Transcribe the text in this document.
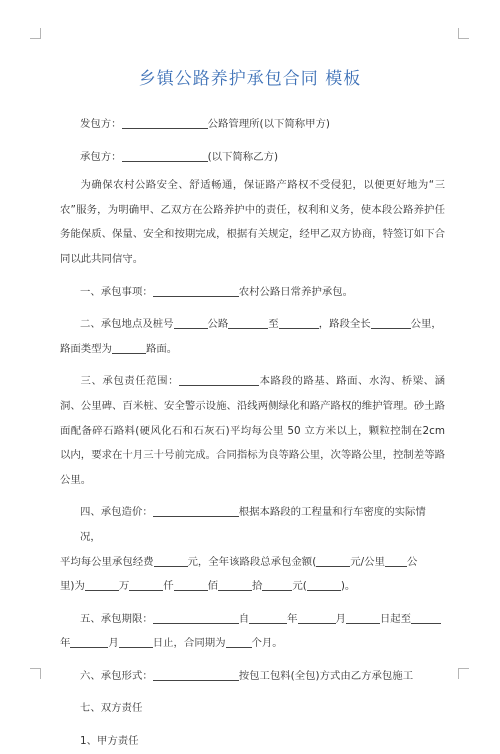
乡镇公路养护承包合同 模板

发包方：	公路管理所(以下简称甲方)

承包方：	(以下简称乙方)

为确保农村公路安全、舒适畅通，保证路产路权不受侵犯，以便更好地为“三农”服务，为明确甲、乙双方在公路养护中的责任，权利和义务，使本段公路养护任务能保质、保量、安全和按期完成，根据有关规定，经甲乙双方协商，特签订如下合同以此共同信守。

一、承包事项：	农村公路日常养护承包。

二、承包地点及桩号	公路	至	，路段全长	公里，

路面类型为	路面。

三、承包责任范围：	本路段的路基、路面、水沟、桥梁、涵洞、公里碑、百米桩、安全警示设施、沿线两侧绿化和路产路权的维护管理。砂土路面配备碎石路料(硬风化石和石灰石)平均每公里 50 立方米以上，颗粒控制在2cm 以内，要求在十月三十号前完成。合同指标为良等路公里，次等路公里，控制差等路公里。

四、承包造价：	根据本路段的工程量和行车密度的实际情况，

平均每公里承包经费	元，全年该路段总承包金额(	元/公里 公

里)为	万	仟	佰	拾	元(	)。

五、承包期限：	自	年	月	日起至

年	月	日止，合同期为	个月。

六、承包形式：	按包工包料(全包)方式由乙方承包施工

七、双方责任

1、甲方责任
